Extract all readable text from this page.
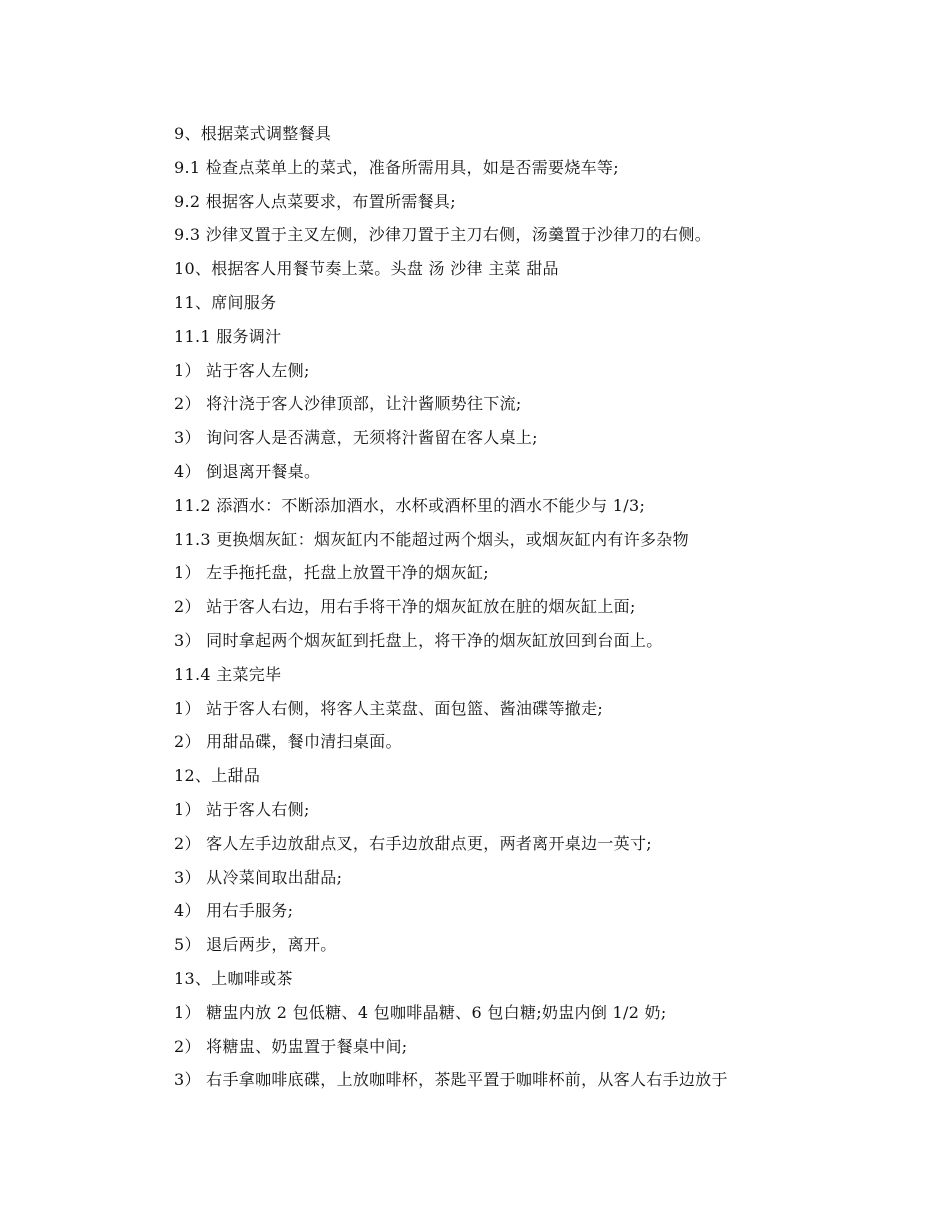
9、根据菜式调整餐具
9.1 检查点菜单上的菜式，准备所需用具，如是否需要烧车等;
9.2 根据客人点菜要求，布置所需餐具;
9.3 沙律叉置于主叉左侧，沙律刀置于主刀右侧，汤羹置于沙律刀的右侧。
10、根据客人用餐节奏上菜。头盘 汤 沙律 主菜 甜品
11、席间服务
11.1 服务调汁
1） 站于客人左侧;
2） 将汁浇于客人沙律顶部，让汁酱顺势往下流;
3） 询问客人是否满意，无须将汁酱留在客人桌上;
4） 倒退离开餐桌。
11.2 添酒水：不断添加酒水，水杯或酒杯里的酒水不能少与 1/3;
11.3 更换烟灰缸：烟灰缸内不能超过两个烟头，或烟灰缸内有许多杂物
1） 左手拖托盘，托盘上放置干净的烟灰缸;
2） 站于客人右边，用右手将干净的烟灰缸放在脏的烟灰缸上面;
3） 同时拿起两个烟灰缸到托盘上，将干净的烟灰缸放回到台面上。
11.4 主菜完毕
1） 站于客人右侧，将客人主菜盘、面包篮、酱油碟等撤走;
2） 用甜品碟，餐巾清扫桌面。
12、上甜品
1） 站于客人右侧;
2） 客人左手边放甜点叉，右手边放甜点更，两者离开桌边一英寸;
3） 从冷菜间取出甜品;
4） 用右手服务;
5） 退后两步，离开。
13、上咖啡或茶
1） 糖盅内放 2 包低糖、4 包咖啡晶糖、6 包白糖;奶盅内倒 1/2 奶;
2） 将糖盅、奶盅置于餐桌中间;
3） 右手拿咖啡底碟，上放咖啡杯，茶匙平置于咖啡杯前，从客人右手边放于
